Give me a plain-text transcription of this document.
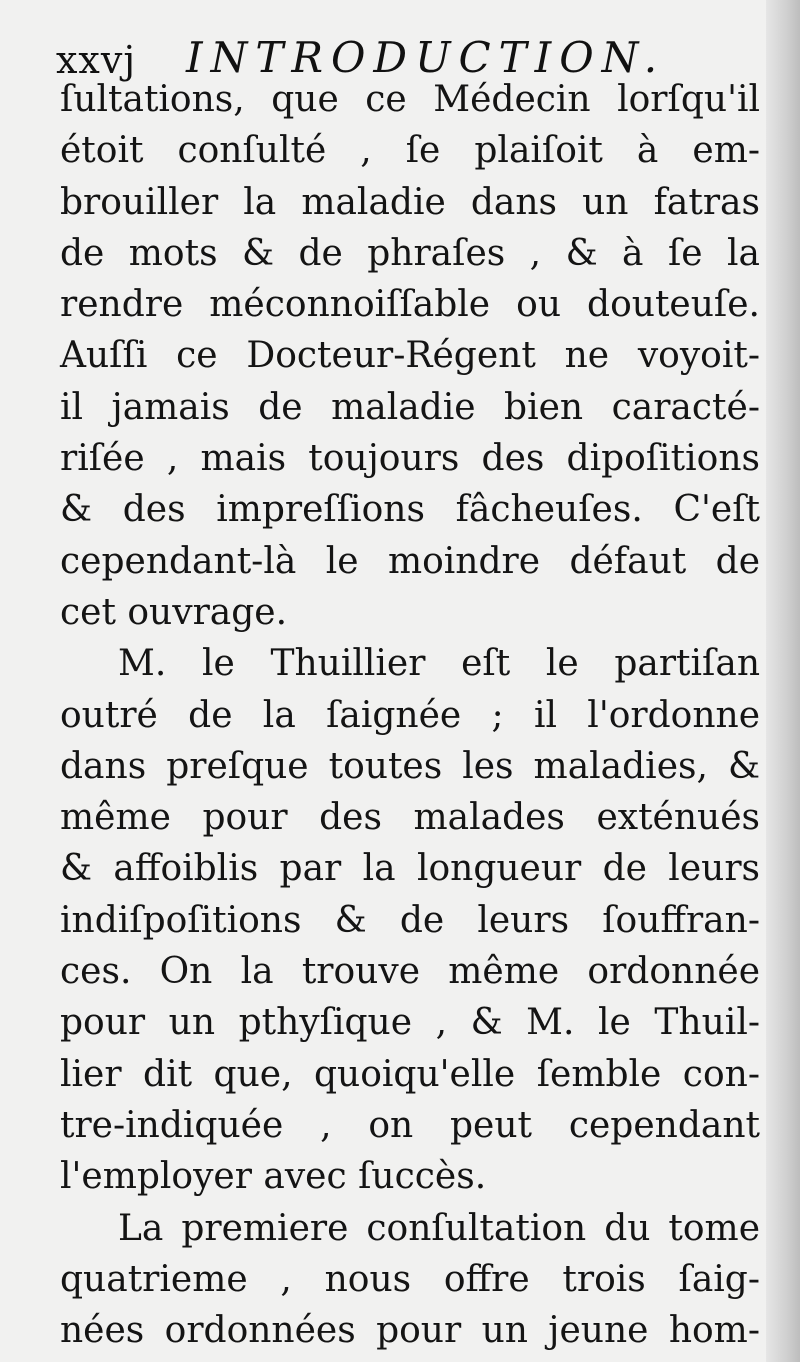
xxvj INTRODUCTION.
ſultations, que ce Médecin lorſqu'il
étoit conſulté , ſe plaiſoit à em-
brouiller la maladie dans un fatras
de mots & de phraſes , & à ſe la
rendre méconnoiſſable ou douteuſe.
Auſſi ce Docteur-Régent ne voyoit-
il jamais de maladie bien caracté-
riſée , mais toujours des dipoſitions
& des impreſſions fâcheuſes. C'eſt
cependant-là le moindre défaut de
cet ouvrage.
M. le Thuillier eſt le partiſan
outré de la ſaignée ; il l'ordonne
dans preſque toutes les maladies, &
même pour des malades exténués
& affoiblis par la longueur de leurs
indiſpoſitions & de leurs ſouffran-
ces. On la trouve même ordonnée
pour un pthyſique , & M. le Thuil-
lier dit que, quoiqu'elle ſemble con-
tre-indiquée , on peut cependant
l'employer avec ſuccès.
La premiere conſultation du tome
quatrieme , nous offre trois ſaig-
nées ordonnées pour un jeune hom-
